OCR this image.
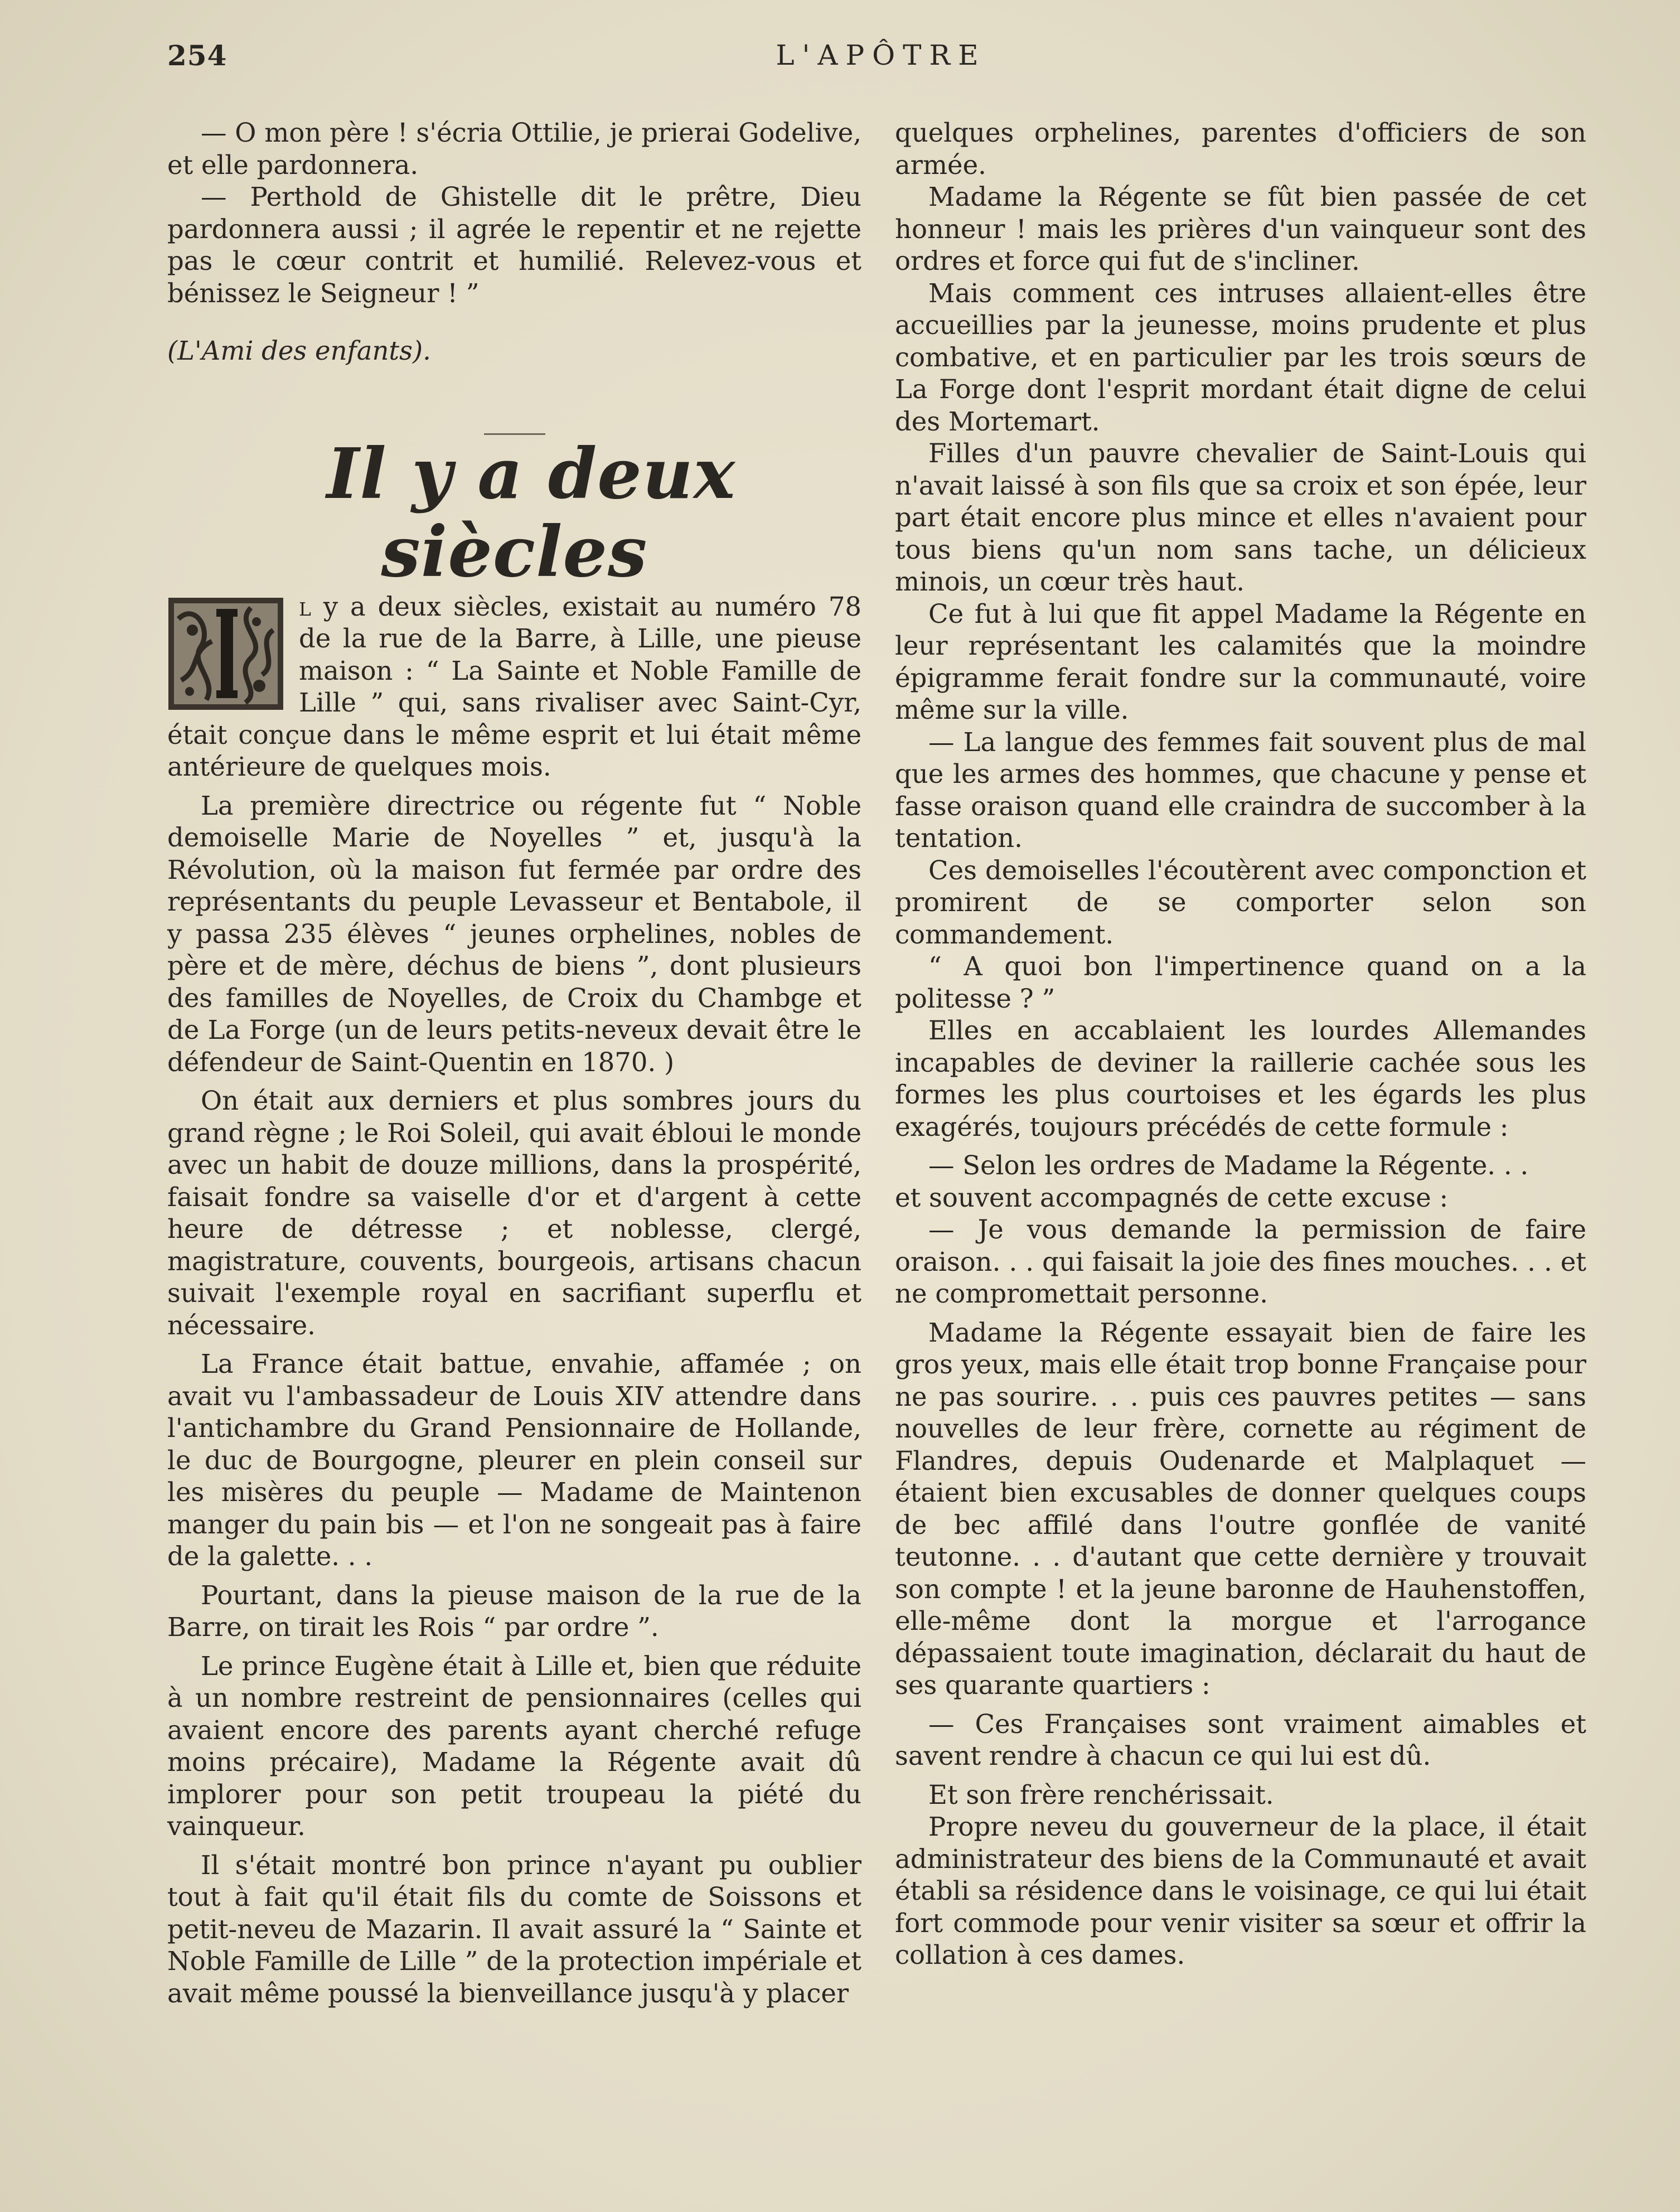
254	L'APÔTRE

— O mon père ! s'écria Ottilie, je prierai Godelive, et elle pardonnera.

— Perthold de Ghistelle dit le prêtre, Dieu pardonnera aussi ; il agrée le repentir et ne rejette pas le cœur contrit et humilié. Relevez-vous et bénissez le Seigneur ! ”

(L'Ami des enfants).

Il y a deux siècles

I

l y a deux siècles, existait au numéro 78 de la rue de la Barre, à Lille, une pieuse maison : “ La Sainte et Noble Famille de Lille ” qui, sans rivaliser avec Saint-Cyr, était conçue dans le même esprit et lui était même antérieure de quelques mois.

La première directrice ou régente fut “ Noble demoiselle Marie de Noyelles ” et, jusqu'à la Révolution, où la maison fut fermée par ordre des représentants du peuple Levasseur et Bentabole, il y passa 235 élèves “ jeunes orphelines, nobles de père et de mère, déchus de biens ”, dont plusieurs des familles de Noyelles, de Croix du Chambge et de La Forge (un de leurs petits-neveux devait être le défendeur de Saint-Quentin en 1870. )

On était aux derniers et plus sombres jours du grand règne ; le Roi Soleil, qui avait ébloui le monde avec un habit de douze millions, dans la prospérité, faisait fondre sa vaiselle d'or et d'argent à cette heure de détresse ; et noblesse, clergé, magistrature, couvents, bourgeois, artisans chacun suivait l'exemple royal en sacrifiant superflu et nécessaire.

La France était battue, envahie, affamée ; on avait vu l'ambassadeur de Louis XIV attendre dans l'antichambre du Grand Pensionnaire de Hollande, le duc de Bourgogne, pleurer en plein conseil sur les misères du peuple — Madame de Maintenon manger du pain bis — et l'on ne songeait pas à faire de la galette. . .

Pourtant, dans la pieuse maison de la rue de la Barre, on tirait les Rois “ par ordre ”.

Le prince Eugène était à Lille et, bien que réduite à un nombre restreint de pensionnaires (celles qui avaient encore des parents ayant cherché refuge moins précaire), Madame la Régente avait dû implorer pour son petit troupeau la piété du vainqueur.

Il s'était montré bon prince n'ayant pu oublier tout à fait qu'il était fils du comte de Soissons et petit-neveu de Mazarin. Il avait assuré la “ Sainte et Noble Famille de Lille ” de la protection impériale et avait même poussé la bienveillance jusqu'à y placer

quelques orphelines, parentes d'officiers de son armée.

Madame la Régente se fût bien passée de cet honneur ! mais les prières d'un vainqueur sont des ordres et force qui fut de s'incliner.

Mais comment ces intruses allaient-elles être accueillies par la jeunesse, moins prudente et plus combative, et en particulier par les trois sœurs de La Forge dont l'esprit mordant était digne de celui des Mortemart.

Filles d'un pauvre chevalier de Saint-Louis qui n'avait laissé à son fils que sa croix et son épée, leur part était encore plus mince et elles n'avaient pour tous biens qu'un nom sans tache, un délicieux minois, un cœur très haut.

Ce fut à lui que fit appel Madame la Régente en leur représentant les calamités que la moindre épigramme ferait fondre sur la communauté, voire même sur la ville.

— La langue des femmes fait souvent plus de mal que les armes des hommes, que chacune y pense et fasse oraison quand elle craindra de succomber à la tentation.

Ces demoiselles l'écoutèrent avec componction et promirent de se comporter selon son commandement.

“ A quoi bon l'impertinence quand on a la politesse ? ”

Elles en accablaient les lourdes Allemandes incapables de deviner la raillerie cachée sous les formes les plus courtoises et les égards les plus exagérés, toujours précédés de cette formule :

— Selon les ordres de Madame la Régente. . .

et souvent accompagnés de cette excuse :

— Je vous demande la permission de faire oraison. . . qui faisait la joie des fines mouches. . . et ne compromettait personne.

Madame la Régente essayait bien de faire les gros yeux, mais elle était trop bonne Française pour ne pas sourire. . . puis ces pauvres petites — sans nouvelles de leur frère, cornette au régiment de Flandres, depuis Oudenarde et Malplaquet — étaient bien excusables de donner quelques coups de bec affilé dans l'outre gonflée de vanité teutonne. . . d'autant que cette dernière y trouvait son compte ! et la jeune baronne de Hauhenstoffen, elle-même dont la morgue et l'arrogance dépassaient toute imagination, déclarait du haut de ses quarante quartiers :

— Ces Françaises sont vraiment aimables et savent rendre à chacun ce qui lui est dû.

Et son frère renchérissait.

Propre neveu du gouverneur de la place, il était administrateur des biens de la Communauté et avait établi sa résidence dans le voisinage, ce qui lui était fort commode pour venir visiter sa sœur et offrir la collation à ces dames.
